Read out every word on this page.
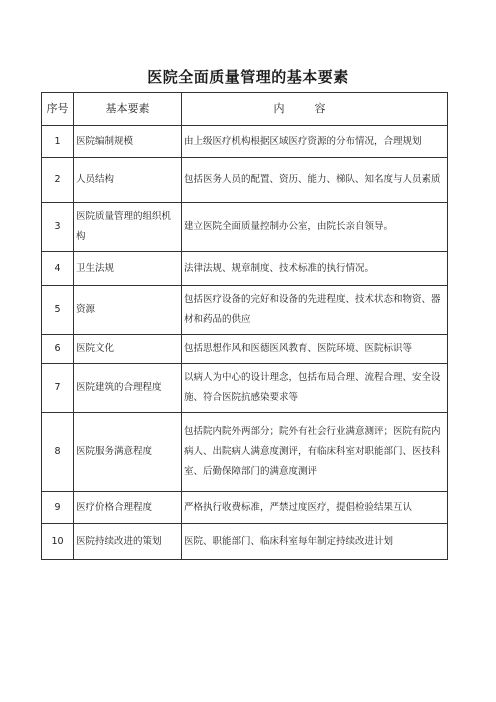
医院全面质量管理的基本要素
序号	基本要素	内容
1	医院编制规模	由上级医疗机构根据区域医疗资源的分布情况，合理规划
2	人员结构	包括医务人员的配置、资历、能力、梯队、知名度与人员素质
3	医院质量管理的组织机构	建立医院全面质量控制办公室，由院长亲自领导。
4	卫生法规	法律法规、规章制度、技术标准的执行情况。
5	资源	包括医疗设备的完好和设备的先进程度、技术状态和物资、器材和药品的供应
6	医院文化	包括思想作风和医德医风教育、医院环境、医院标识等
7	医院建筑的合理程度	以病人为中心的设计理念，包括布局合理、流程合理、安全设施、符合医院抗感染要求等
8	医院服务满意程度	包括院内院外两部分；院外有社会行业满意测评；医院有院内病人、出院病人满意度测评，有临床科室对职能部门、医技科室、后勤保障部门的满意度测评
9	医疗价格合理程度	严格执行收费标准，严禁过度医疗，提倡检验结果互认
10	医院持续改进的策划	医院、职能部门、临床科室每年制定持续改进计划
